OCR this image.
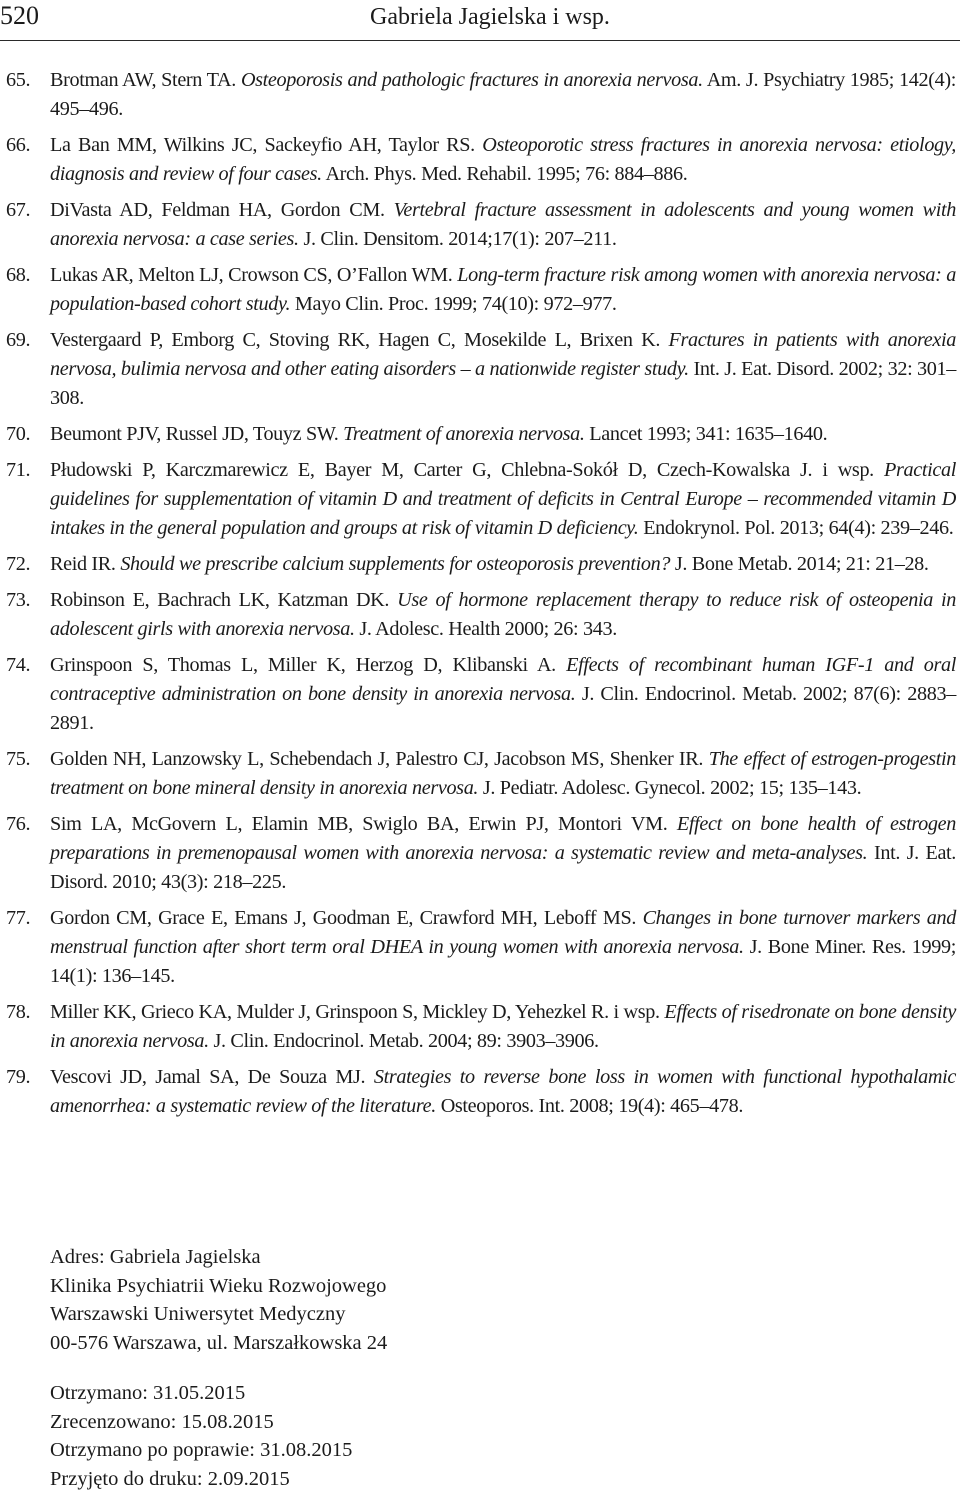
520	Gabriela Jagielska i wsp.
65. Brotman AW, Stern TA. Osteoporosis and pathologic fractures in anorexia nervosa. Am. J. Psychiatry 1985; 142(4): 495–496.
66. La Ban MM, Wilkins JC, Sackeyfio AH, Taylor RS. Osteoporotic stress fractures in anorexia nervosa: etiology, diagnosis and review of four cases. Arch. Phys. Med. Rehabil. 1995; 76: 884–886.
67. DiVasta AD, Feldman HA, Gordon CM. Vertebral fracture assessment in adolescents and young women with anorexia nervosa: a case series. J. Clin. Densitom. 2014;17(1): 207–211.
68. Lukas AR, Melton LJ, Crowson CS, O’Fallon WM. Long-term fracture risk among women with anorexia nervosa: a population-based cohort study. Mayo Clin. Proc. 1999; 74(10): 972–977.
69. Vestergaard P, Emborg C, Stoving RK, Hagen C, Mosekilde L, Brixen K. Fractures in patients with anorexia nervosa, bulimia nervosa and other eating aisorders – a nationwide register study. Int. J. Eat. Disord. 2002; 32: 301–308.
70. Beumont PJV, Russel JD, Touyz SW. Treatment of anorexia nervosa. Lancet 1993; 341: 1635–1640.
71. Płudowski P, Karczmarewicz E, Bayer M, Carter G, Chlebna-Sokół D, Czech-Kowalska J. i wsp. Practical guidelines for supplementation of vitamin D and treatment of deficits in Central Europe – recommended vitamin D intakes in the general population and groups at risk of vitamin D deficiency. Endokrynol. Pol. 2013; 64(4): 239–246.
72. Reid IR. Should we prescribe calcium supplements for osteoporosis prevention? J. Bone Metab. 2014; 21: 21–28.
73. Robinson E, Bachrach LK, Katzman DK. Use of hormone replacement therapy to reduce risk of osteopenia in adolescent girls with anorexia nervosa. J. Adolesc. Health 2000; 26: 343.
74. Grinspoon S, Thomas L, Miller K, Herzog D, Klibanski A. Effects of recombinant human IGF-1 and oral contraceptive administration on bone density in anorexia nervosa. J. Clin. Endocrinol. Metab. 2002; 87(6): 2883–2891.
75. Golden NH, Lanzowsky L, Schebendach J, Palestro CJ, Jacobson MS, Shenker IR. The effect of estrogen-progestin treatment on bone mineral density in anorexia nervosa. J. Pediatr. Adolesc. Gynecol. 2002; 15; 135–143.
76. Sim LA, McGovern L, Elamin MB, Swiglo BA, Erwin PJ, Montori VM. Effect on bone health of estrogen preparations in premenopausal women with anorexia nervosa: a systematic review and meta-analyses. Int. J. Eat. Disord. 2010; 43(3): 218–225.
77. Gordon CM, Grace E, Emans J, Goodman E, Crawford MH, Leboff MS. Changes in bone turnover markers and menstrual function after short term oral DHEA in young women with anorexia nervosa. J. Bone Miner. Res. 1999; 14(1): 136–145.
78. Miller KK, Grieco KA, Mulder J, Grinspoon S, Mickley D, Yehezkel R. i wsp. Effects of risedronate on bone density in anorexia nervosa. J. Clin. Endocrinol. Metab. 2004; 89: 3903–3906.
79. Vescovi JD, Jamal SA, De Souza MJ. Strategies to reverse bone loss in women with functional hypothalamic amenorrhea: a systematic review of the literature. Osteoporos. Int. 2008; 19(4): 465–478.
Adres: Gabriela Jagielska
Klinika Psychiatrii Wieku Rozwojowego
Warszawski Uniwersytet Medyczny
00-576 Warszawa, ul. Marszałkowska 24
Otrzymano: 31.05.2015
Zrecenzowano: 15.08.2015
Otrzymano po poprawie: 31.08.2015
Przyjęto do druku: 2.09.2015
